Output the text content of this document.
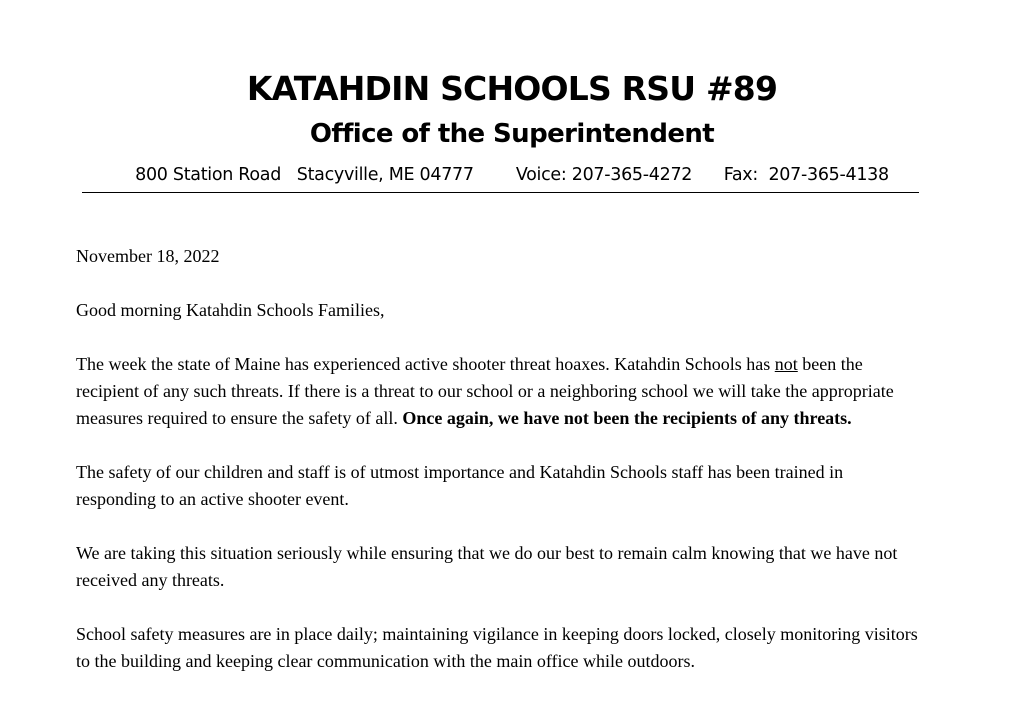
KATAHDIN SCHOOLS RSU #89
Office of the Superintendent
800 Station Road Stacyville, ME 04777 Voice: 207-365-4272 Fax:  207-365-4138

November 18, 2022

Good morning Katahdin Schools Families,

The week the state of Maine has experienced active shooter threat hoaxes. Katahdin Schools has not been the recipient of any such threats. If there is a threat to our school or a neighboring school we will take the appropriate measures required to ensure the safety of all. Once again, we have not been the recipients of any threats.

The safety of our children and staff is of utmost importance and Katahdin Schools staff has been trained in responding to an active shooter event.

We are taking this situation seriously while ensuring that we do our best to remain calm knowing that we have not received any threats.

School safety measures are in place daily; maintaining vigilance in keeping doors locked, closely monitoring visitors to the building and keeping clear communication with the main office while outdoors.
